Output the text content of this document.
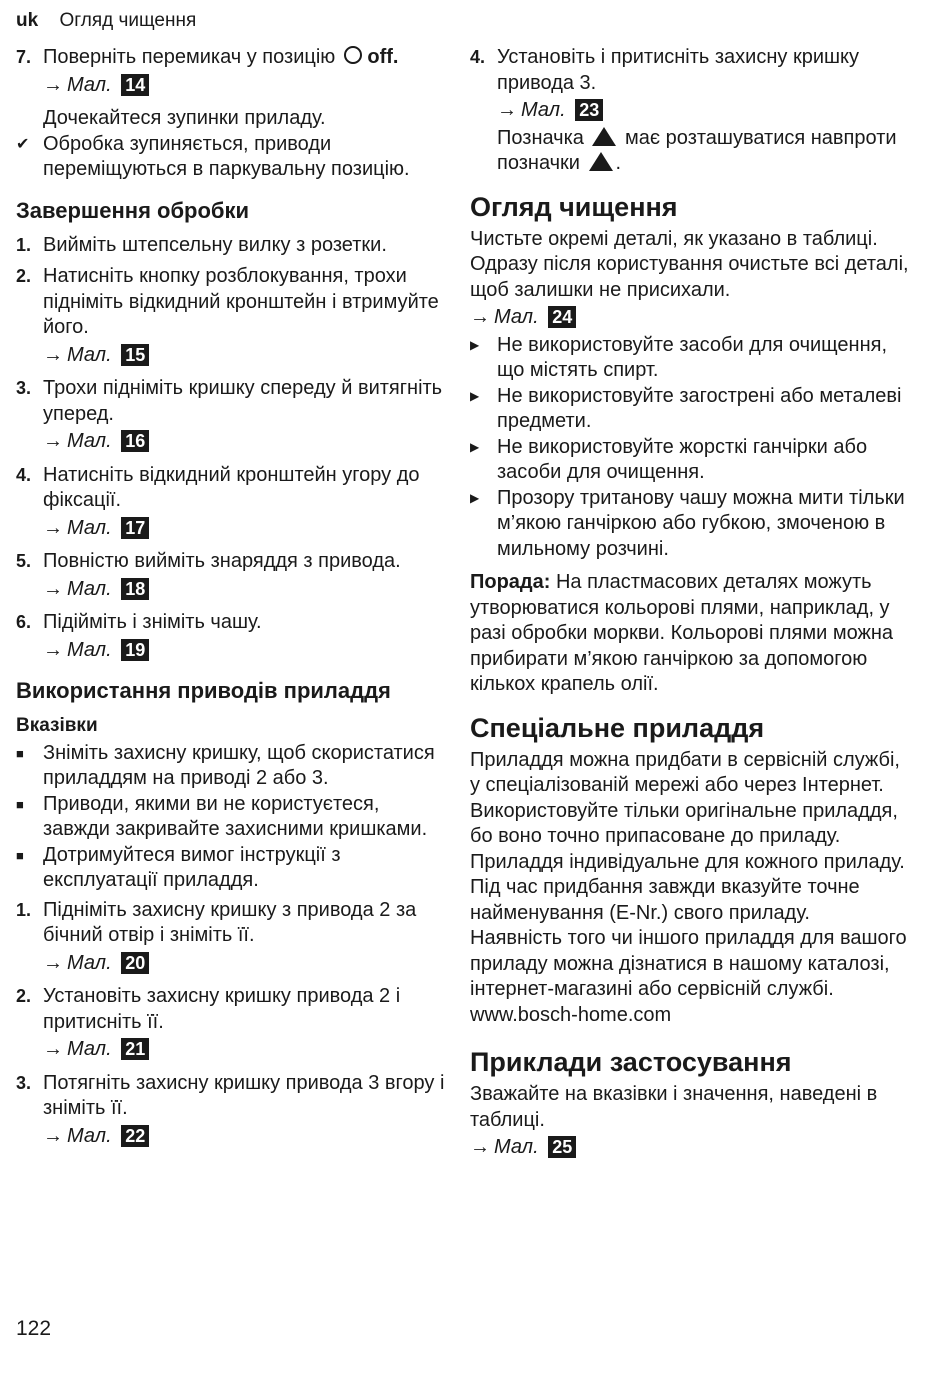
uk Огляд чищення
7. Поверніть перемикач у позицію off.
→ Мал. 14
Дочекайтеся зупинки приладу.
✔ Обробка зупиняється, приводи переміщуються в паркувальну позицію.
Завершення обробки
1. Вийміть штепсельну вилку з розетки.
2. Натисніть кнопку розблокування, трохи підніміть відкидний кронштейн і втримуйте його.
→ Мал. 15
3. Трохи підніміть кришку спереду й витягніть уперед.
→ Мал. 16
4. Натисніть відкидний кронштейн угору до фіксації.
→ Мал. 17
5. Повністю вийміть знаряддя з привода.
→ Мал. 18
6. Підійміть і зніміть чашу.
→ Мал. 19
Використання приводів приладдя
Вказівки
■ Зніміть захисну кришку, щоб скористатися приладдям на приводі 2 або 3.
■ Приводи, якими ви не користуєтеся, завжди закривайте захисними кришками.
■ Дотримуйтеся вимог інструкції з експлуатації приладдя.
1. Підніміть захисну кришку з привода 2 за бічний отвір і зніміть її.
→ Мал. 20
2. Установіть захисну кришку привода 2 і притисніть її.
→ Мал. 21
3. Потягніть захисну кришку привода 3 вгору і зніміть її.
→ Мал. 22
4. Установіть і притисніть захисну кришку привода 3.
→ Мал. 23
Позначка має розташуватися навпроти позначки .
Огляд чищення
Чистьте окремі деталі, як указано в таблиці.
Одразу після користування очистьте всі деталі, щоб залишки не присихали.
→ Мал. 24
▶ Не використовуйте засоби для очищення, що містять спирт.
▶ Не використовуйте загострені або металеві предмети.
▶ Не використовуйте жорсткі ганчірки або засоби для очищення.
▶ Прозору тританову чашу можна мити тільки м’якою ганчіркою або губкою, змоченою в мильному розчині.
Порада: На пластмасових деталях можуть утворюватися кольорові плями, наприклад, у разі обробки моркви. Кольорові плями можна прибирати м’якою ганчіркою за допомогою кількох крапель олії.
Спеціальне приладдя
Приладдя можна придбати в сервісній службі, у спеціалізованій мережі або через Інтернет. Використовуйте тільки оригінальне приладдя, бо воно точно припасоване до приладу.
Приладдя індивідуальне для кожного приладу. Під час придбання завжди вказуйте точне найменування (E-Nr.) свого приладу.
Наявність того чи іншого приладдя для вашого приладу можна дізнатися в нашому каталозі, інтернет-магазині або сервісній службі.
www.bosch-home.com
Приклади застосування
Зважайте на вказівки і значення, наведені в таблиці.
→ Мал. 25
122
